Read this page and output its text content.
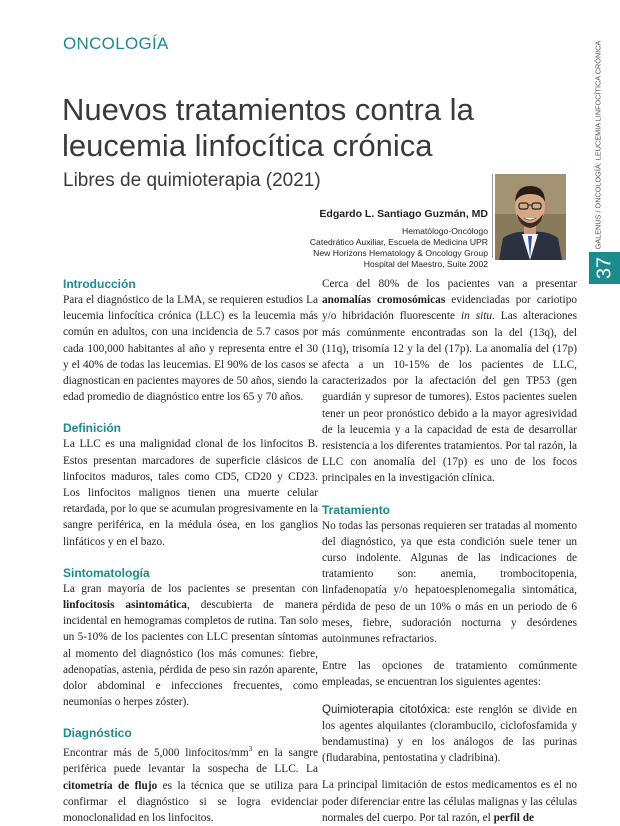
ONCOLOGÍA
Nuevos tratamientos contra la leucemia linfocítica crónica
Libres de quimioterapia (2021)
Edgardo L. Santiago Guzmán, MD
Hematólogo-Oncólogo
Catedrático Auxiliar, Escuela de Medicina UPR
New Horizons Hematology & Oncology Group
Hospital del Maestro, Suite 2002
GALENUS / ONCOLOGÍA: LEUCEMIA LINFOCÍTICA CRÓNICA
37
Introducción

Para el diagnóstico de la LMA, se requieren estudios La leucemia linfocítica crónica (LLC) es la leucemia más común en adultos, con una incidencia de 5.7 casos por cada 100,000 habitantes al año y representa entre el 30 y el 40% de todas las leucemias. El 90% de los casos se diagnostican en pacientes mayores de 50 años, siendo la edad promedio de diagnóstico entre los 65 y 70 años.

Definición

La LLC es una malignidad clonal de los linfocitos B. Estos presentan marcadores de superficie clásicos de linfocitos maduros, tales como CD5, CD20 y CD23. Los linfocitos malignos tienen una muerte celular retardada, por lo que se acumulan progresivamente en la sangre periférica, en la médula ósea, en los ganglios linfáticos y en el bazo.

Sintomatología

La gran mayoría de los pacientes se presentan con linfocitosis asintomática, descubierta de manera incidental en hemogramas completos de rutina. Tan solo un 5-10% de los pacientes con LLC presentan síntomas al momento del diagnóstico (los más comunes: fiebre, adenopatías, astenia, pérdida de peso sin razón aparente, dolor abdominal e infecciones frecuentes, como neumonías o herpes zóster).

Diagnóstico

Encontrar más de 5,000 linfocitos/$mm^3$ en la sangre periférica puede levantar la sospecha de LLC. La citometría de flujo es la técnica que se utiliza para confirmar el diagnóstico si se logra evidenciar monoclonalidad en los linfocitos.

Cerca del 80% de los pacientes van a presentar anomalías cromosómicas evidenciadas por cariotipo y/o hibridación fluorescente in situ. Las alteraciones más comúnmente encontradas son la del (13q), del (11q), trisomía 12 y la del (17p). La anomalía del (17p) afecta a un 10-15% de los pacientes de LLC, caracterizados por la afectación del gen TP53 (gen guardián y supresor de tumores). Estos pacientes suelen tener un peor pronóstico debido a la mayor agresividad de la leucemia y a la capacidad de esta de desarrollar resistencia a los diferentes tratamientos. Por tal razón, la LLC con anomalía del (17p) es uno de los focos principales en la investigación clínica.

Tratamiento

No todas las personas requieren ser tratadas al momento del diagnóstico, ya que esta condición suele tener un curso indolente. Algunas de las indicaciones de tratamiento son: anemia, trombocitopenia, linfadenopatía y/o hepatoesplenomegalia sintomática, pérdida de peso de un 10% o más en un periodo de 6 meses, fiebre, sudoración nocturna y desórdenes autoinmunes refractarios.

Entre las opciones de tratamiento comúnmente empleadas, se encuentran los siguientes agentes:

Quimioterapia citotóxica: este renglón se divide en los agentes alquilantes (clorambucilo, ciclofosfamida y bendamustina) y en los análogos de las purinas (fludarabina, pentostatina y cladribina).

La principal limitación de estos medicamentos es el no poder diferenciar entre las células malignas y las células normales del cuerpo. Por tal razón, el perfil de
